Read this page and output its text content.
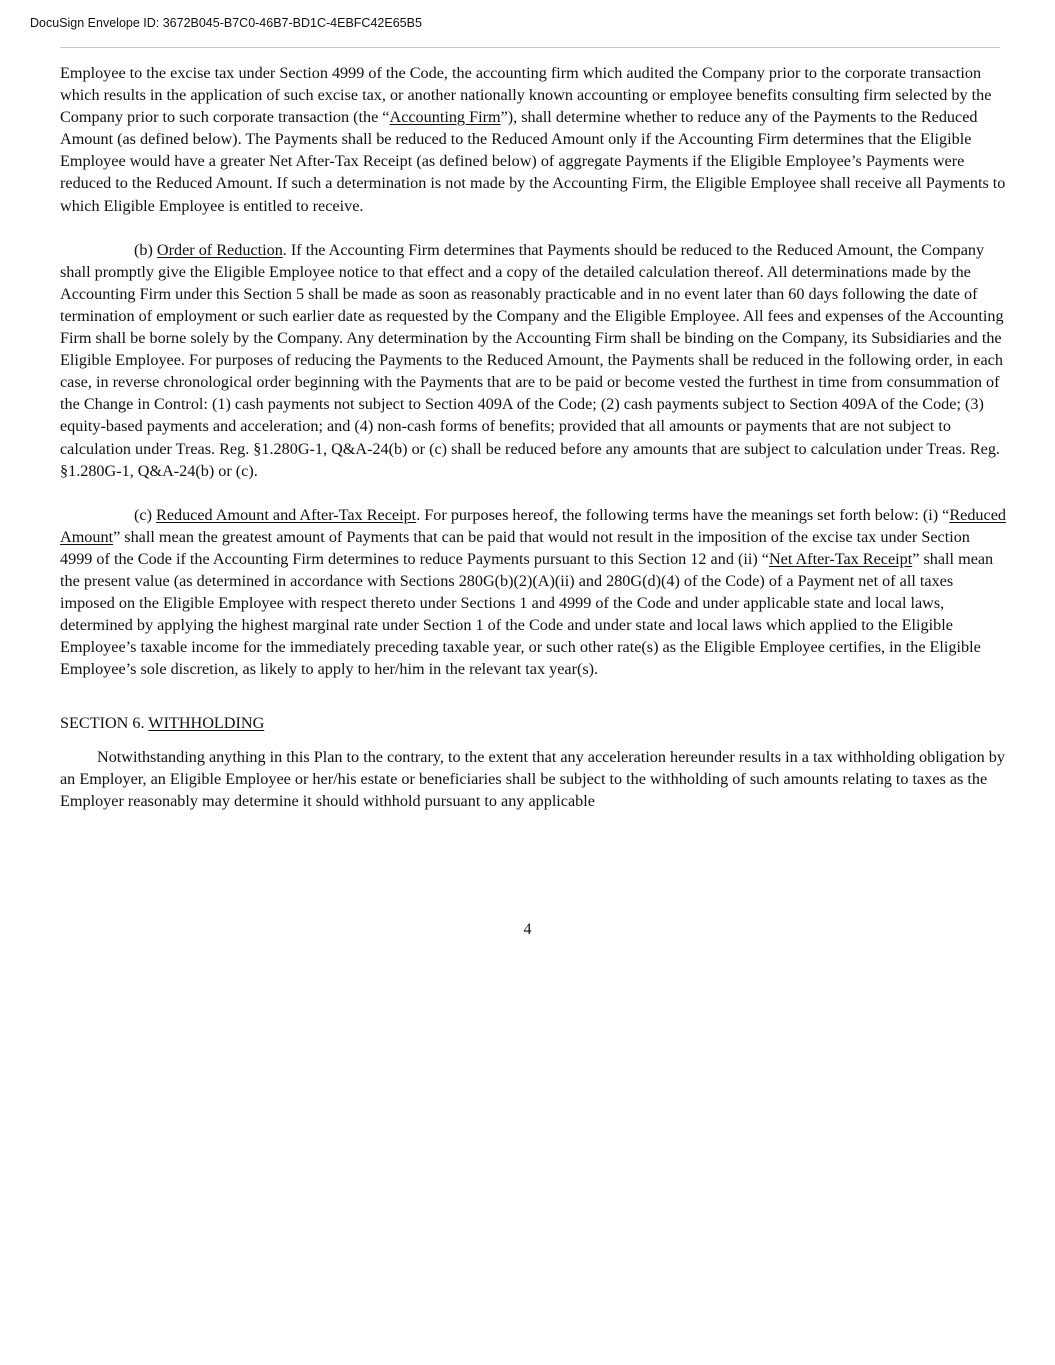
DocuSign Envelope ID: 3672B045-B7C0-46B7-BD1C-4EBFC42E65B5

Employee to the excise tax under Section 4999 of the Code, the accounting firm which audited the Company prior to the corporate transaction which results in the application of such excise tax, or another nationally known accounting or employee benefits consulting firm selected by the Company prior to such corporate transaction (the “Accounting Firm”), shall determine whether to reduce any of the Payments to the Reduced Amount (as defined below). The Payments shall be reduced to the Reduced Amount only if the Accounting Firm determines that the Eligible Employee would have a greater Net After-Tax Receipt (as defined below) of aggregate Payments if the Eligible Employee’s Payments were reduced to the Reduced Amount. If such a determination is not made by the Accounting Firm, the Eligible Employee shall receive all Payments to which Eligible Employee is entitled to receive.

(b) Order of Reduction. If the Accounting Firm determines that Payments should be reduced to the Reduced Amount, the Company shall promptly give the Eligible Employee notice to that effect and a copy of the detailed calculation thereof. All determinations made by the Accounting Firm under this Section 5 shall be made as soon as reasonably practicable and in no event later than 60 days following the date of termination of employment or such earlier date as requested by the Company and the Eligible Employee. All fees and expenses of the Accounting Firm shall be borne solely by the Company. Any determination by the Accounting Firm shall be binding on the Company, its Subsidiaries and the Eligible Employee. For purposes of reducing the Payments to the Reduced Amount, the Payments shall be reduced in the following order, in each case, in reverse chronological order beginning with the Payments that are to be paid or become vested the furthest in time from consummation of the Change in Control: (1) cash payments not subject to Section 409A of the Code; (2) cash payments subject to Section 409A of the Code; (3) equity-based payments and acceleration; and (4) non-cash forms of benefits; provided that all amounts or payments that are not subject to calculation under Treas. Reg. §1.280G-1, Q&A-24(b) or (c) shall be reduced before any amounts that are subject to calculation under Treas. Reg. §1.280G-1, Q&A-24(b) or (c).

(c) Reduced Amount and After-Tax Receipt. For purposes hereof, the following terms have the meanings set forth below: (i) “Reduced Amount” shall mean the greatest amount of Payments that can be paid that would not result in the imposition of the excise tax under Section 4999 of the Code if the Accounting Firm determines to reduce Payments pursuant to this Section 12 and (ii) “Net After-Tax Receipt” shall mean the present value (as determined in accordance with Sections 280G(b)(2)(A)(ii) and 280G(d)(4) of the Code) of a Payment net of all taxes imposed on the Eligible Employee with respect thereto under Sections 1 and 4999 of the Code and under applicable state and local laws, determined by applying the highest marginal rate under Section 1 of the Code and under state and local laws which applied to the Eligible Employee’s taxable income for the immediately preceding taxable year, or such other rate(s) as the Eligible Employee certifies, in the Eligible Employee’s sole discretion, as likely to apply to her/him in the relevant tax year(s).

SECTION 6. WITHHOLDING

Notwithstanding anything in this Plan to the contrary, to the extent that any acceleration hereunder results in a tax withholding obligation by an Employer, an Eligible Employee or her/his estate or beneficiaries shall be subject to the withholding of such amounts relating to taxes as the Employer reasonably may determine it should withhold pursuant to any applicable

4
